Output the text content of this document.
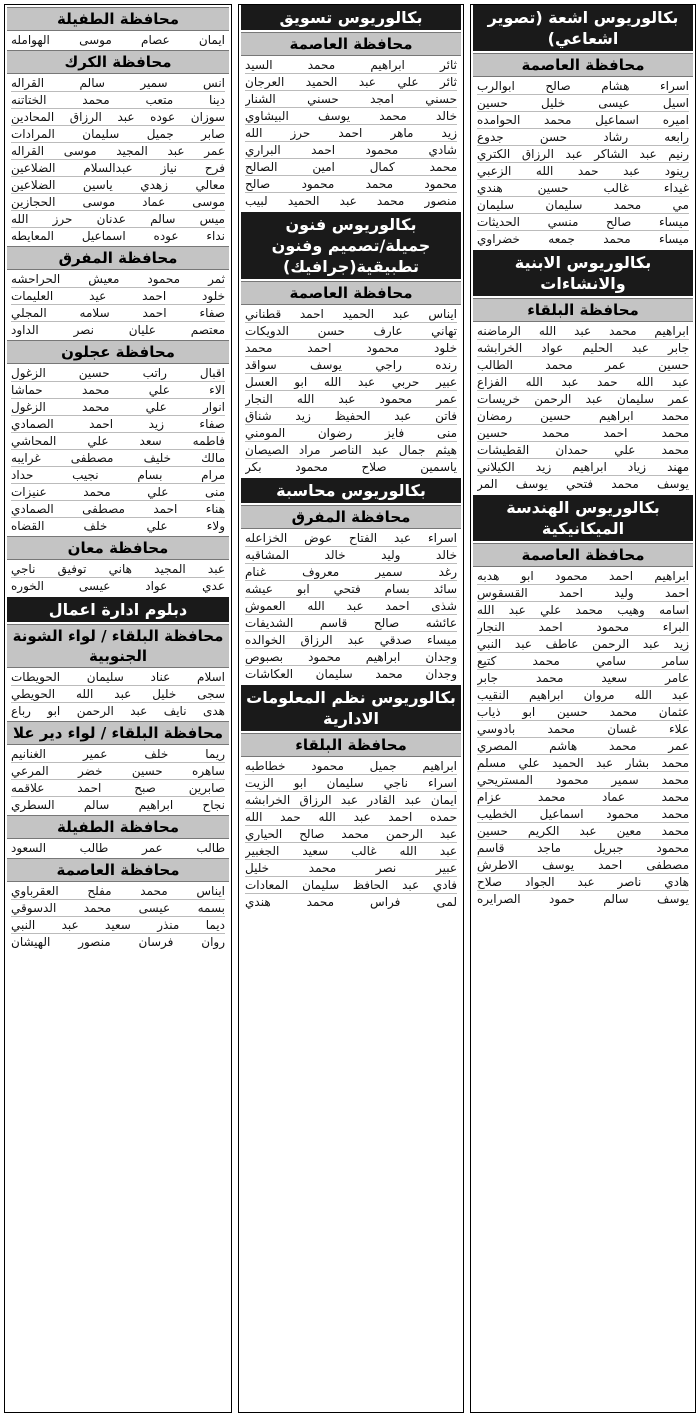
بكالوريوس اشعة (تصوير
اشعاعي)
محافظة العاصمة
اسراء هشام صالح ابوالرب
اسيل عيسى خليل حسين
اميره اسماعيل محمد الحوامده
رابعه رشاد حسن جدوع
رنيم عبد الشاكر عبد الرزاق الكتري
رينود عبد حمد الله الزعبي
غيداء غالب حسين هندي
مي محمد سليمان سليمان
ميساء صالح منسي الحديثات
ميساء محمد جمعه خضراوي
بكالوريوس الابنية
والانشاءات
محافظة البلقاء
ابراهيم محمد عبد الله الرماضنه
جابر عبد الحليم عواد الخرابشه
حسين عمر محمد الطالب
عبد الله حمد عبد الله الفزاع
عمر سليمان عبد الرحمن خريسات
محمد ابراهيم حسين رمضان
محمد احمد محمد حسين
محمد علي حمدان القطيشات
مهند زياد ابراهيم زيد الكيلاني
يوسف محمد فتحي يوسف المر
بكالوريوس الهندسة
الميكانيكية
محافظة العاصمة
ابراهيم احمد محمود ابو هدبه
احمد وليد احمد القسقوس
اسامه وهيب محمد علي عبد الله
البراء محمود احمد النجار
زيد عبد الرحمن عاطف عبد النبي
سامر سامي محمد كتيع
عامر سعيد محمد جابر
عبد الله مروان ابراهيم النقيب
عثمان محمد حسين ابو ذياب
علاء غسان محمد بادوسي
عمر محمد هاشم المصري
محمد بشار عبد الحميد علي مسلم
محمد سمير محمود المستريحي
محمد عماد محمد عزام
محمد محمود اسماعيل الخطيب
محمد معين عبد الكريم حسين
محمود جبريل ماجد قاسم
مصطفى احمد يوسف الاطرش
هادي ناصر عبد الجواد صلاح
يوسف سالم حمود الصرايره
بكالوريوس تسويق
محافظة العاصمة
ثائر ابراهيم محمد السيد
ثائر علي عبد الحميد العرجان
حسني امجد حسني الشنار
خالد محمد يوسف البيشاوي
زيد ماهر احمد حرز الله
شادي محمود احمد البراري
محمد كمال امين الصالح
محمود محمد محمود صالح
منصور محمد عبد الحميد لبيب
بكالوريوس فنون
جميلة/تصميم وفنون
تطبيقية(جرافيك)
محافظة العاصمة
ايناس عبد الحميد احمد قطناني
تهاني عارف حسن الدويكات
خلود محمود احمد محمد
رنده راجي يوسف سواقد
عبير حربي عبد الله ابو العسل
عمر محمود عبد الله النجار
فاتن عبد الحفيظ زيد شناق
منى فايز رضوان المومني
هيثم جمال عبد الناصر مراد الصيصان
ياسمين صلاح محمود بكر
بكالوريوس محاسبة
محافظة المفرق
اسراء عبد الفتاح عوض الخزاعله
خالد وليد خالد المشاقبه
رغد سمير معروف غنام
سائد بسام فتحي ابو عيشه
شذى احمد عبد الله العموش
عائشه صالح قاسم الشديفات
ميساء صدقي عبد الرزاق الخوالده
وجدان ابراهيم محمود بصبوص
وجدان محمد سليمان العكاشات
بكالوريوس نظم المعلومات
الادارية
محافظة البلقاء
ابراهيم جميل محمود خطاطبه
اسراء ناجي سليمان ابو الزيت
ايمان عبد القادر عبد الرزاق الخرابشه
حمده احمد عبد الله حمد الله
عبد الرحمن محمد صالح الحياري
عبد الله غالب سعيد الجغبير
عبير نصر محمد خليل
فادي عبد الحافظ سليمان المعادات
لمى فراس محمد هندي
محافظة الطفيلة
ايمان عصام موسى الهوامله
محافظة الكرك
انس سمير سالم القراله
دينا متعب محمد الختاتنه
سوزان عوده عبد الرزاق المحادين
صابر جميل سليمان المرادات
عمر عبد المجيد موسى القراله
فرح نياز عبدالسلام الضلاعين
معالي زهدي ياسين الضلاعين
موسى عماد موسى الحجازين
ميس سالم عدنان حرز الله
نداء عوده اسماعيل المعايطه
محافظة المفرق
ثمر محمود معيش الحراحشه
خلود احمد عيد العليمات
صفاء احمد سلامه المجلي
معتصم عليان نصر الداود
محافظة عجلون
اقبال راتب حسين الزغول
الاء علي محمد حماشا
انوار علي محمد الزغول
صفاء زيد احمد الصمادي
فاطمه سعد علي المحاشي
مالك خليف مصطفى غرايبه
مرام بسام نجيب حداد
منى علي محمد عنيزات
هناء احمد مصطفى الصمادي
ولاء علي خلف القضاه
محافظة معان
عبد المجيد هاني توفيق ناجي
عدي عواد عيسى الخوره
دبلوم ادارة اعمال
محافظة البلقاء / لواء الشونة الجنوبية
اسلام عناد سليمان الحويطات
سجى خليل عبد الله الحويطي
هدى نايف عبد الرحمن ابو رباع
محافظة البلقاء / لواء دير علا
ريما خلف عمير الغنانيم
ساهره حسين خضر المرعي
صابرين صبح احمد علاقمه
نجاح ابراهيم سالم السطري
محافظة الطفيلة
طالب عمر طالب السعود
محافظة العاصمة
ايناس محمد مفلح العقرباوي
بسمه عيسى محمد الدسوقي
ديما منذر سعيد عبد النبي
روان فرسان منصور الهيشان
